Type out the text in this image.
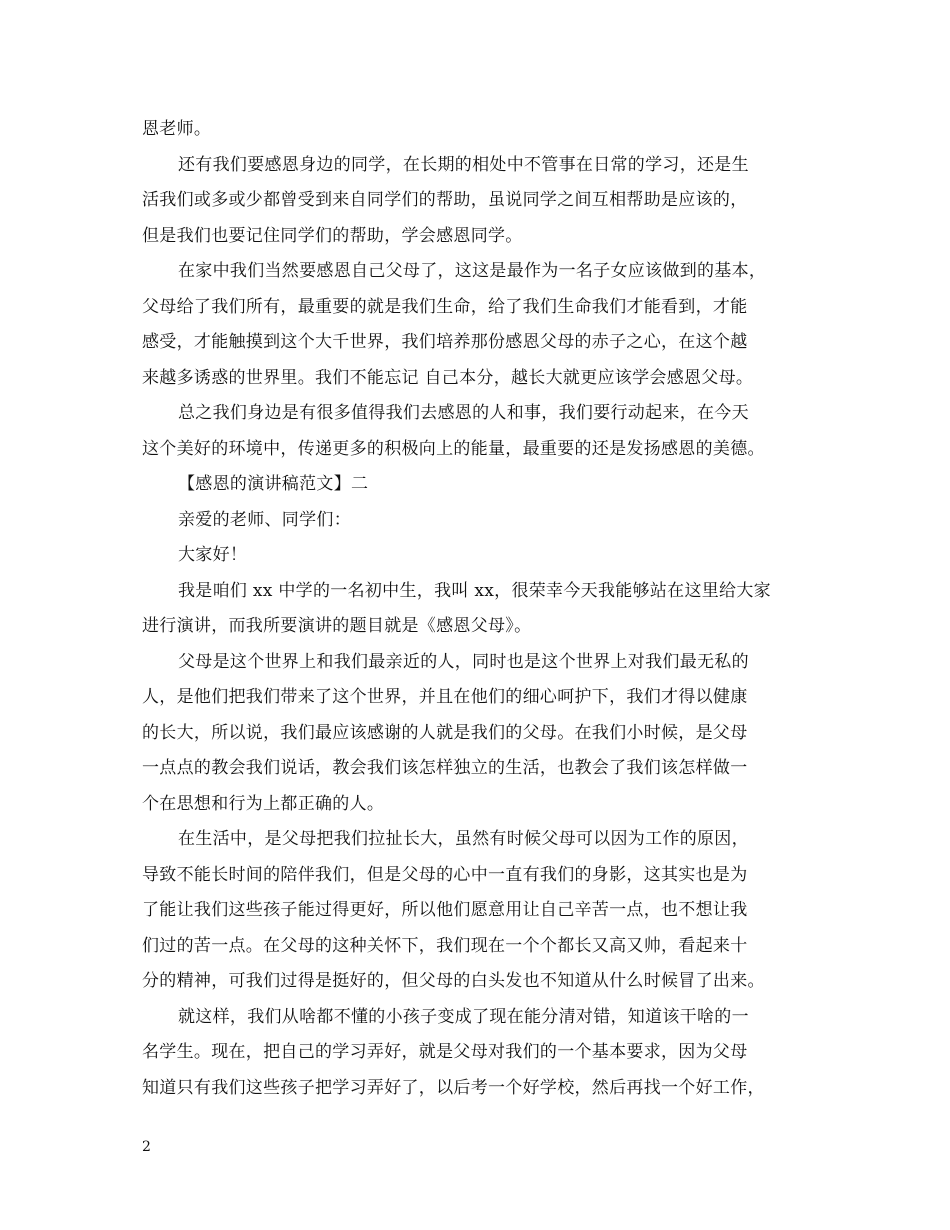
恩老师。
还有我们要感恩身边的同学，在长期的相处中不管事在日常的学习，还是生
活我们或多或少都曾受到来自同学们的帮助，虽说同学之间互相帮助是应该的，
但是我们也要记住同学们的帮助，学会感恩同学。
在家中我们当然要感恩自己父母了，这这是最作为一名子女应该做到的基本，
父母给了我们所有，最重要的就是我们生命，给了我们生命我们才能看到，才能
感受，才能触摸到这个大千世界，我们培养那份感恩父母的赤子之心，在这个越
来越多诱惑的世界里。我们不能忘记 自己本分，越长大就更应该学会感恩父母。
总之我们身边是有很多值得我们去感恩的人和事，我们要行动起来，在今天
这个美好的环境中，传递更多的积极向上的能量，最重要的还是发扬感恩的美德。
【感恩的演讲稿范文】二
亲爱的老师、同学们：
大家好！
我是咱们 xx 中学的一名初中生，我叫 xx，很荣幸今天我能够站在这里给大家
进行演讲，而我所要演讲的题目就是《感恩父母》。
父母是这个世界上和我们最亲近的人，同时也是这个世界上对我们最无私的
人，是他们把我们带来了这个世界，并且在他们的细心呵护下，我们才得以健康
的长大，所以说，我们最应该感谢的人就是我们的父母。在我们小时候，是父母
一点点的教会我们说话，教会我们该怎样独立的生活，也教会了我们该怎样做一
个在思想和行为上都正确的人。
在生活中，是父母把我们拉扯长大，虽然有时候父母可以因为工作的原因，
导致不能长时间的陪伴我们，但是父母的心中一直有我们的身影，这其实也是为
了能让我们这些孩子能过得更好，所以他们愿意用让自己辛苦一点，也不想让我
们过的苦一点。在父母的这种关怀下，我们现在一个个都长又高又帅，看起来十
分的精神，可我们过得是挺好的，但父母的白头发也不知道从什么时候冒了出来。
就这样，我们从啥都不懂的小孩子变成了现在能分清对错，知道该干啥的一
名学生。现在，把自己的学习弄好，就是父母对我们的一个基本要求，因为父母
知道只有我们这些孩子把学习弄好了，以后考一个好学校，然后再找一个好工作，
2
